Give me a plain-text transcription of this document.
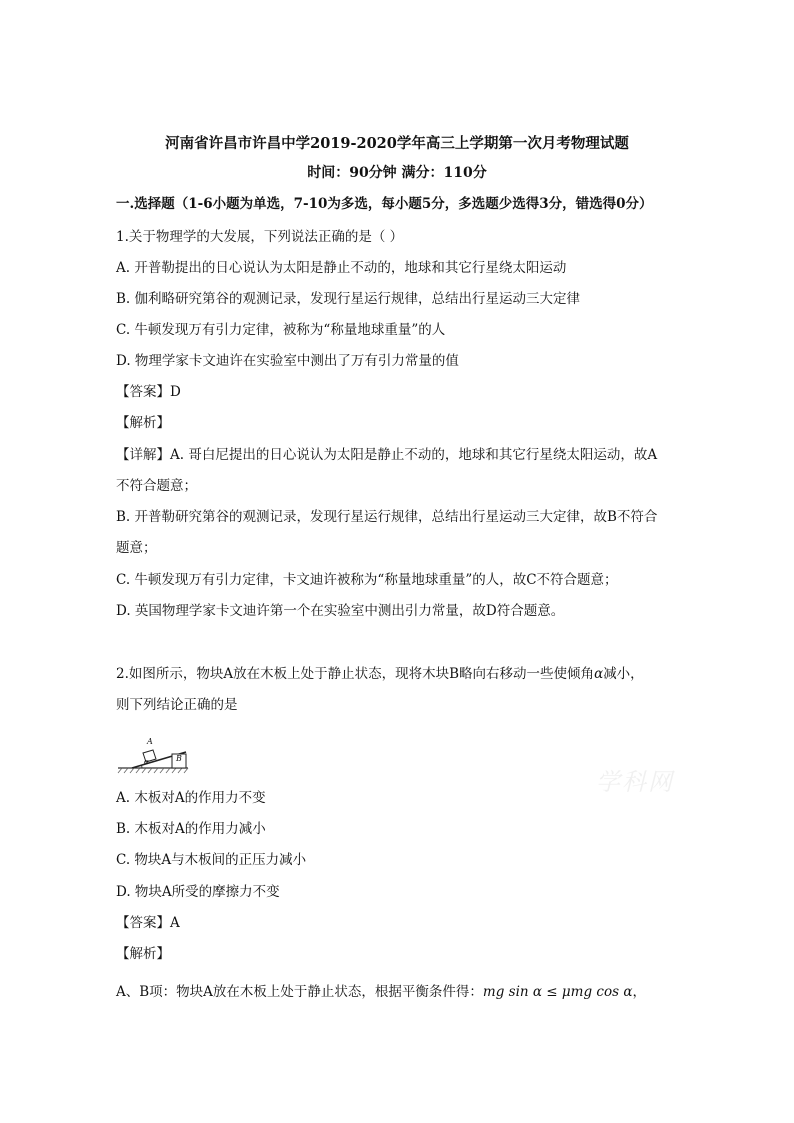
河南省许昌市许昌中学2019-2020学年高三上学期第一次月考物理试题
时间：90分钟 满分：110分
一.选择题（1-6小题为单选，7-10为多选，每小题5分，多选题少选得3分，错选得0分）
1.关于物理学的大发展，下列说法正确的是（ ）
A. 开普勒提出的日心说认为太阳是静止不动的，地球和其它行星绕太阳运动
B. 伽利略研究第谷的观测记录，发现行星运行规律，总结出行星运动三大定律
C. 牛顿发现万有引力定律，被称为“称量地球重量”的人
D. 物理学家卡文迪许在实验室中测出了万有引力常量的值
【答案】D
【解析】
【详解】A. 哥白尼提出的日心说认为太阳是静止不动的，地球和其它行星绕太阳运动，故A
不符合题意；
B. 开普勒研究第谷的观测记录，发现行星运行规律，总结出行星运动三大定律，故B不符合
题意；
C. 牛顿发现万有引力定律，卡文迪许被称为“称量地球重量”的人，故C不符合题意；
D. 英国物理学家卡文迪许第一个在实验室中测出引力常量，故D符合题意。
2.如图所示，物块A放在木板上处于静止状态，现将木块B略向右移动一些使倾角α减小，
则下列结论正确的是
A
B
α
学科网
A. 木板对A的作用力不变
B. 木板对A的作用力减小
C. 物块A与木板间的正压力减小
D. 物块A所受的摩擦力不变
【答案】A
【解析】
A、B项：物块A放在木板上处于静止状态，根据平衡条件得：mg sin α ≤ μmg cos α，
